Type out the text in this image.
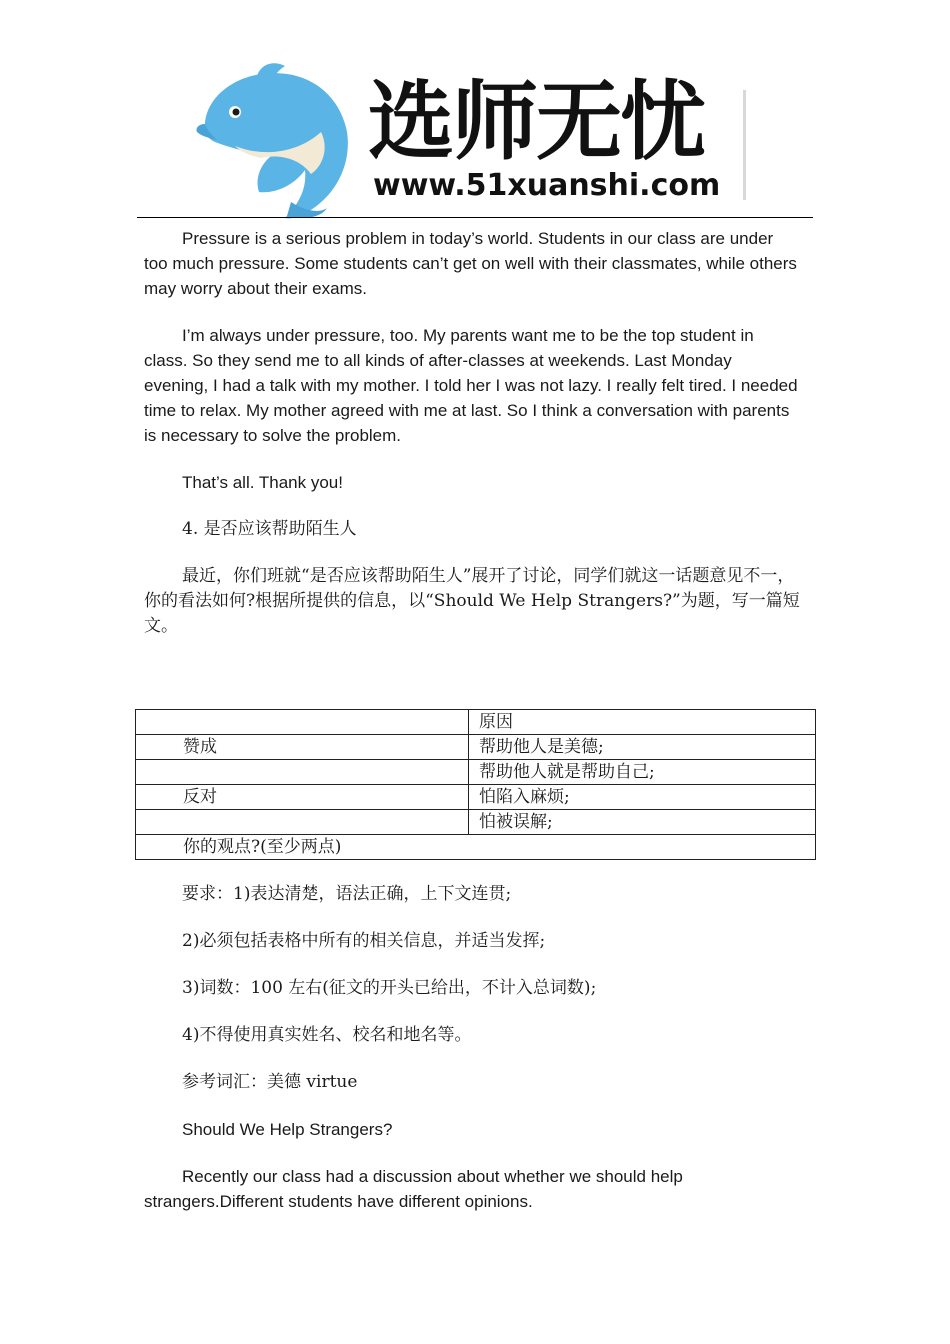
选师无忧
www.51xuanshi.com

Pressure is a serious problem in today’s world. Students in our class are under too much pressure. Some students can’t get on well with their classmates, while others may worry about their exams.

I’m always under pressure, too. My parents want me to be the top student in class. So they send me to all kinds of after-classes at weekends. Last Monday evening, I had a talk with my mother. I told her I was not lazy. I really felt tired. I needed time to relax. My mother agreed with me at last. So I think a conversation with parents is necessary to solve the problem.

That’s all. Thank you!

4. 是否应该帮助陌生人

最近，你们班就“是否应该帮助陌生人”展开了讨论，同学们就这一话题意见不一，你的看法如何?根据所提供的信息，以“Should We Help Strangers?”为题，写一篇短文。

	原因
赞成	帮助他人是美德;
	帮助他人就是帮助自己;
反对	怕陷入麻烦;
	怕被误解;
你的观点?(至少两点)	

要求：1)表达清楚，语法正确，上下文连贯;

2)必须包括表格中所有的相关信息，并适当发挥;

3)词数：100 左右(征文的开头已给出，不计入总词数);

4)不得使用真实姓名、校名和地名等。

参考词汇：美德 virtue

Should We Help Strangers?

Recently our class had a discussion about whether we should help strangers.Different students have different opinions.
